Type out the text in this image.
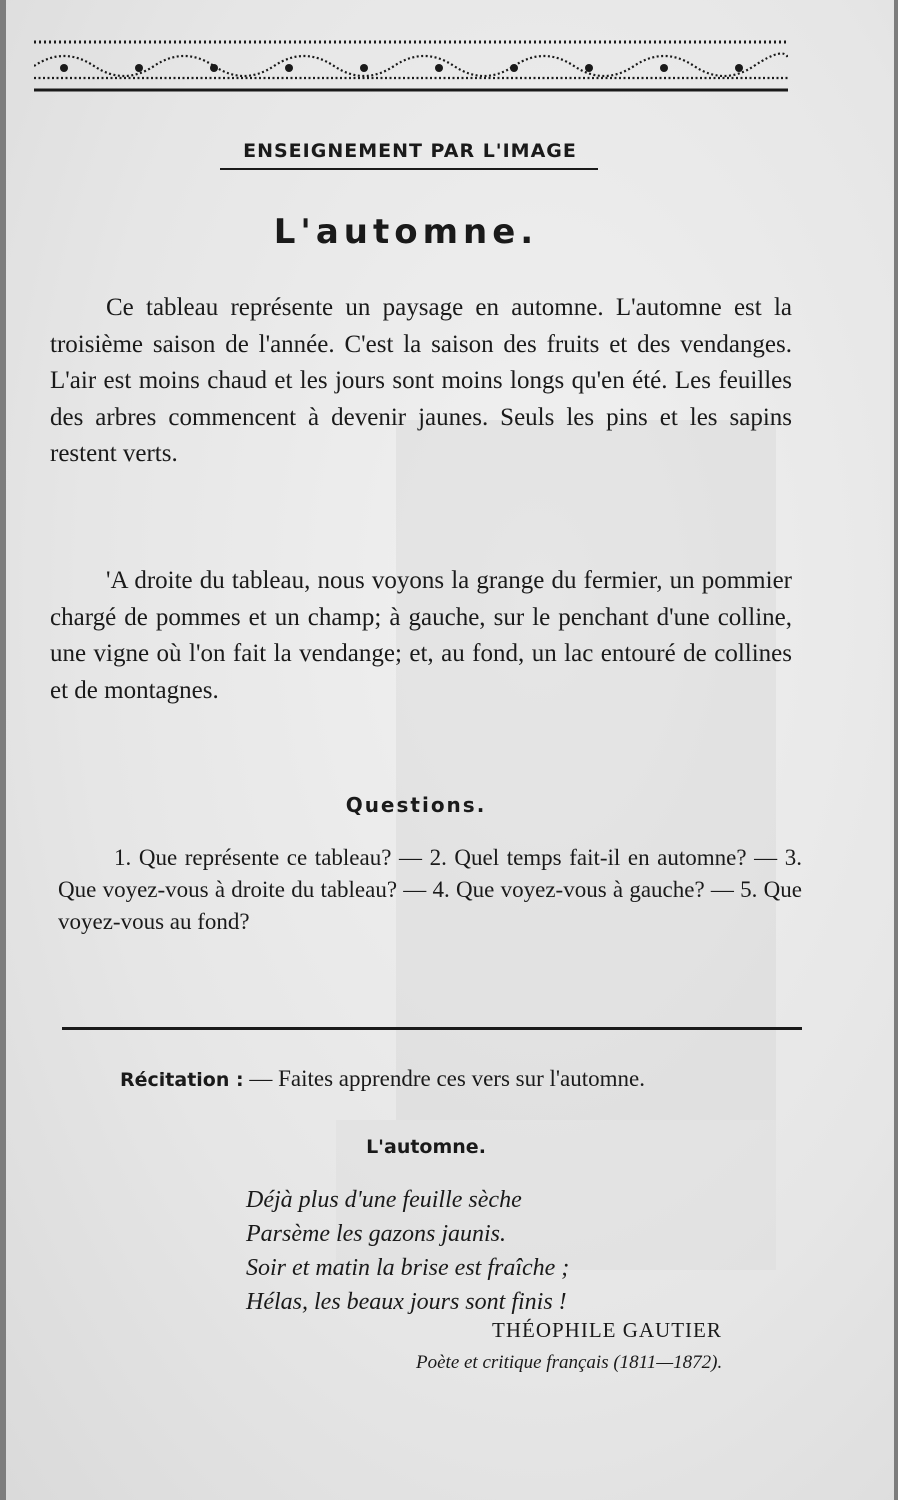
ENSEIGNEMENT PAR L'IMAGE
L'automne.

Ce tableau représente un paysage en automne. L'automne est la troisième saison de l'année. C'est la saison des fruits et des vendanges. L'air est moins chaud et les jours sont moins longs qu'en été. Les feuilles des arbres commencent à devenir jaunes. Seuls les pins et les sapins restent verts.

'A droite du tableau, nous voyons la grange du fermier, un pommier chargé de pommes et un champ; à gauche, sur le penchant d'une colline, une vigne où l'on fait la vendange; et, au fond, un lac entouré de collines et de montagnes.

Questions.

1. Que représente ce tableau? — 2. Quel temps fait-il en automne? — 3. Que voyez-vous à droite du tableau? — 4. Que voyez-vous à gauche? — 5. Que voyez-vous au fond?

Récitation : — Faites apprendre ces vers sur l'automne.
L'automne.
Déjà plus d'une feuille sèche
Parsème les gazons jaunis.
Soir et matin la brise est fraîche ;
Hélas, les beaux jours sont finis !
THÉOPHILE GAUTIER
Poète et critique français (1811—1872).
